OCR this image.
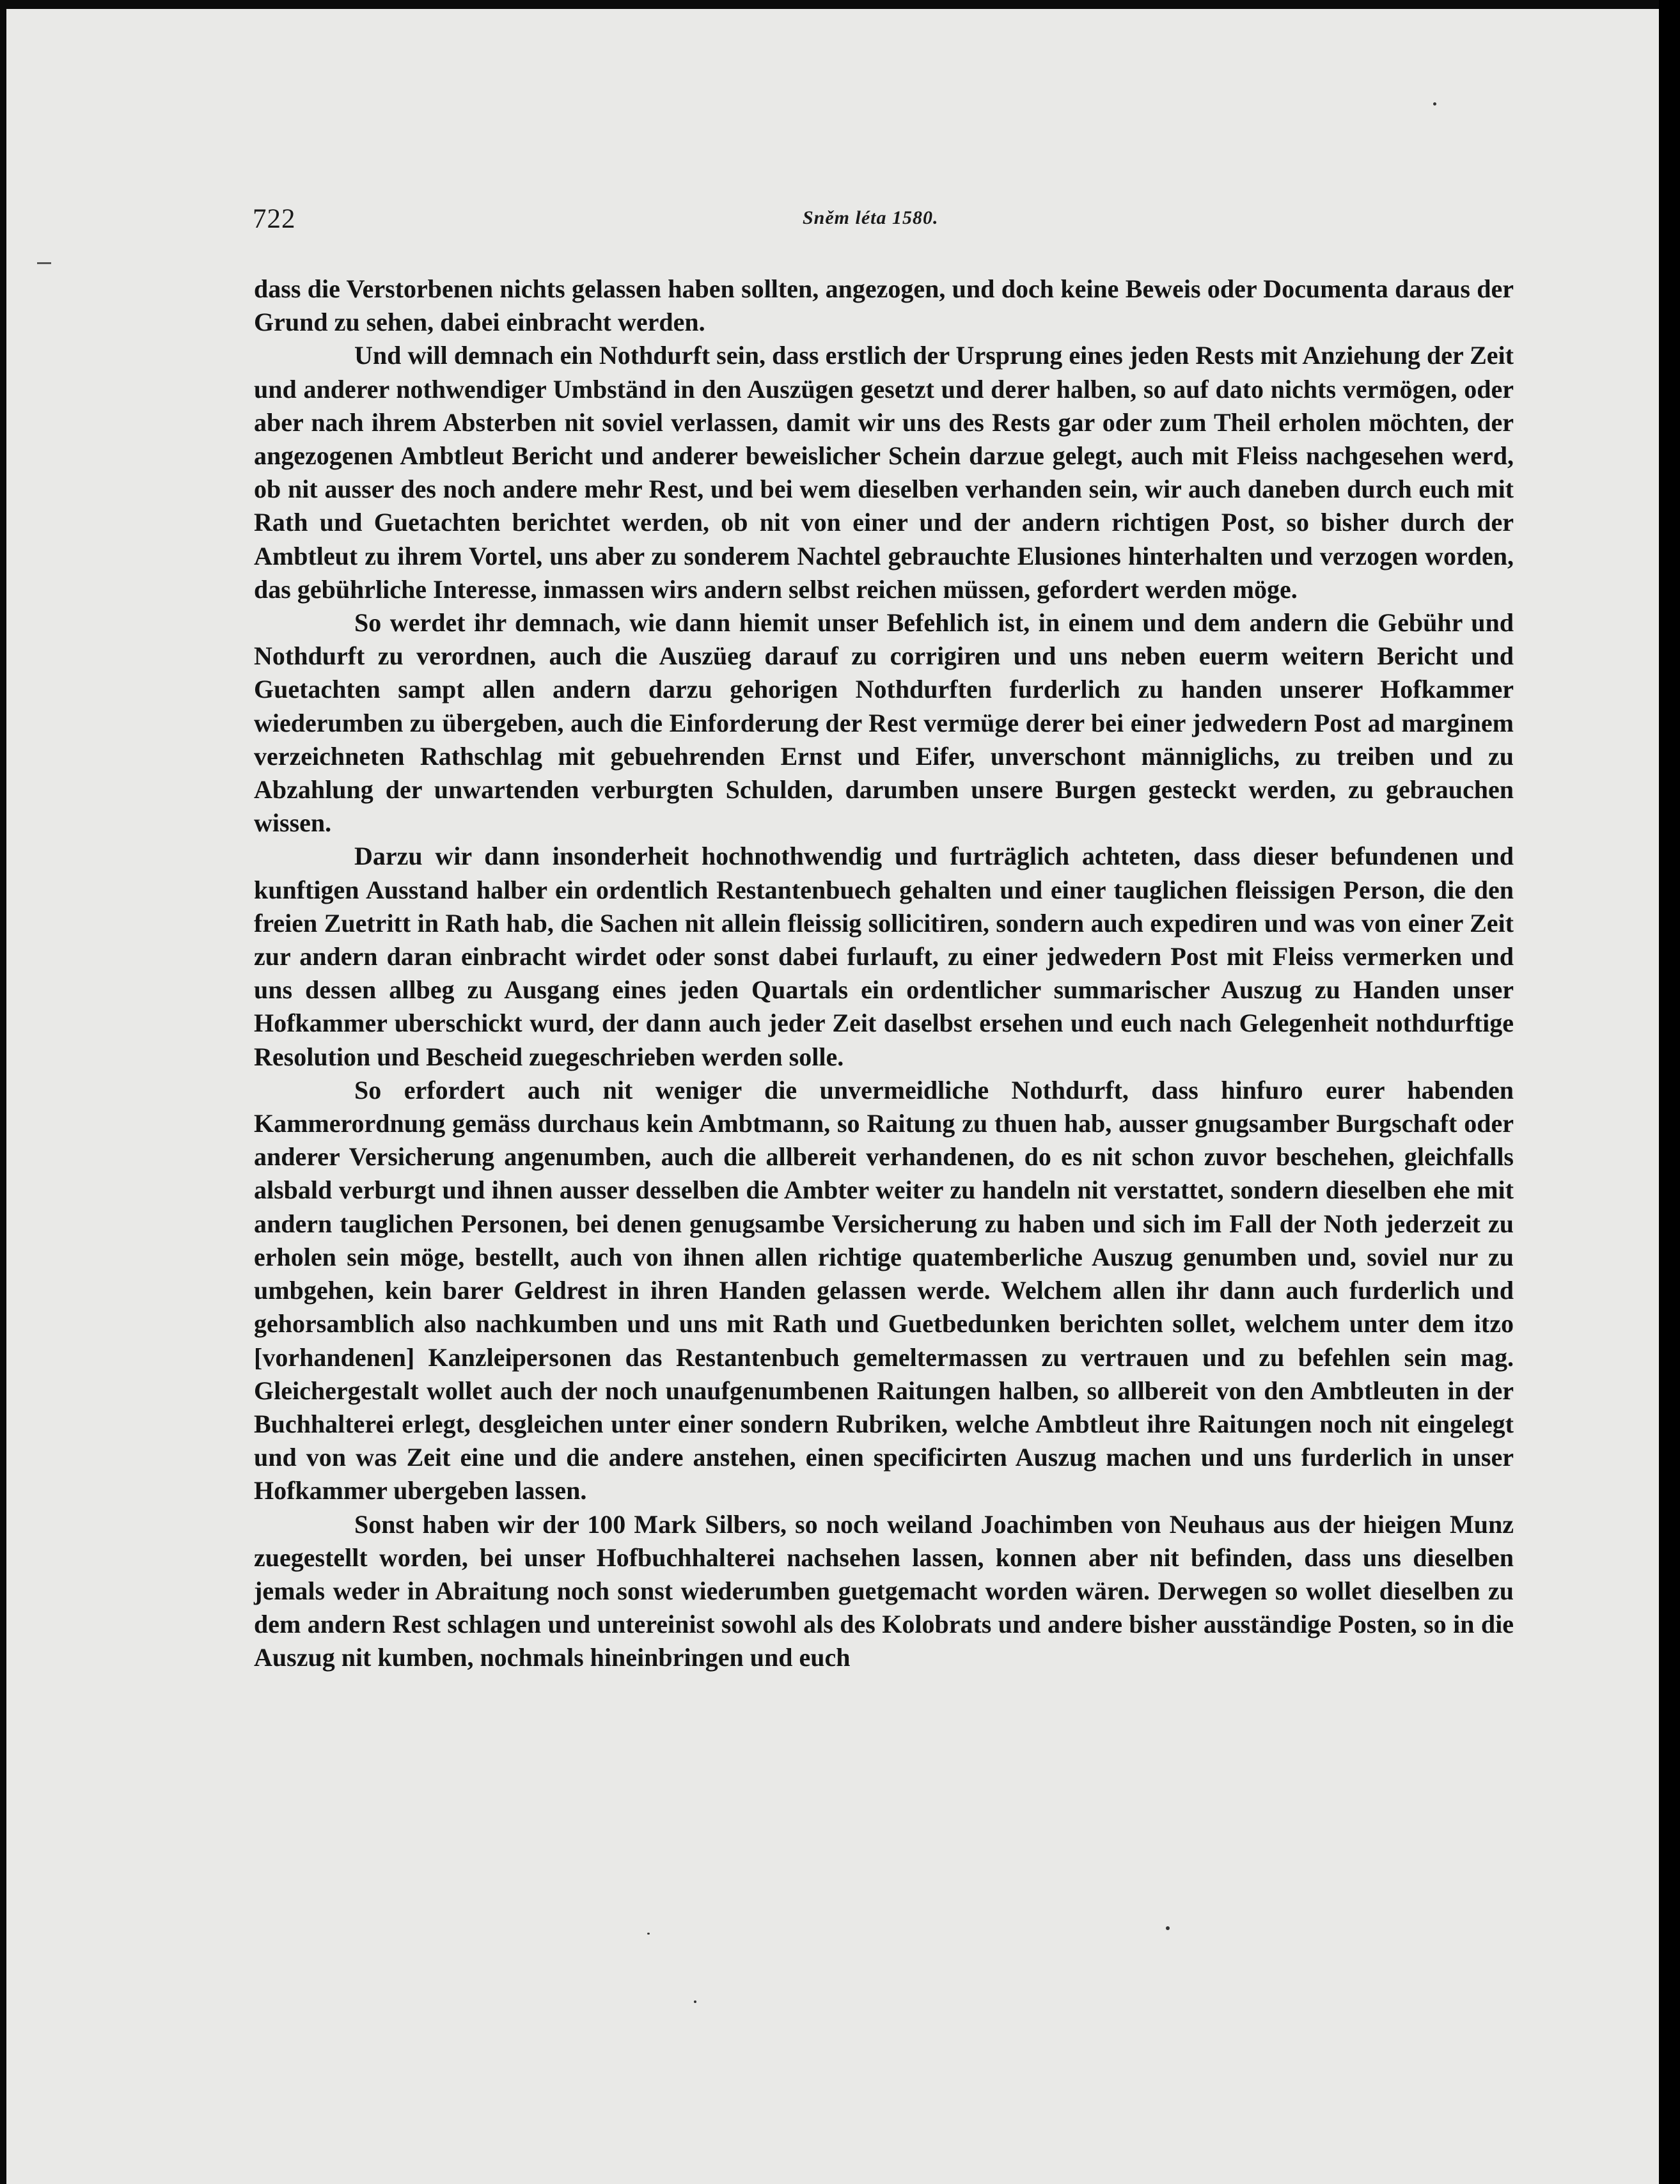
722	Sněm léta 1580.

dass die Verstorbenen nichts gelassen haben sollten, angezogen, und doch keine Beweis oder Documenta daraus der Grund zu sehen, dabei einbracht werden.

Und will demnach ein Nothdurft sein, dass erstlich der Ursprung eines jeden Rests mit Anziehung der Zeit und anderer nothwendiger Umbständ in den Auszügen gesetzt und derer halben, so auf dato nichts vermögen, oder aber nach ihrem Absterben nit soviel verlassen, damit wir uns des Rests gar oder zum Theil erholen möchten, der angezogenen Ambtleut Bericht und anderer beweislicher Schein darzue gelegt, auch mit Fleiss nachgesehen werd, ob nit ausser des noch andere mehr Rest, und bei wem dieselben verhanden sein, wir auch daneben durch euch mit Rath und Guetachten berichtet werden, ob nit von einer und der andern richtigen Post, so bisher durch der Ambtleut zu ihrem Vortel, uns aber zu sonderem Nachtel gebrauchte Elusiones hinterhalten und verzogen worden, das gebührliche Interesse, inmassen wirs andern selbst reichen müssen, gefordert werden möge.

So werdet ihr demnach, wie dann hiemit unser Befehlich ist, in einem und dem andern die Gebühr und Nothdurft zu verordnen, auch die Auszüeg darauf zu corrigiren und uns neben euerm weitern Bericht und Guetachten sampt allen andern darzu gehorigen Nothdurften furderlich zu handen unserer Hofkammer wiederumben zu übergeben, auch die Einforderung der Rest vermüge derer bei einer jedwedern Post ad marginem verzeichneten Rathschlag mit gebuehrenden Ernst und Eifer, unverschont männiglichs, zu treiben und zu Abzahlung der unwartenden verburgten Schulden, darumben unsere Burgen gesteckt werden, zu gebrauchen wissen.

Darzu wir dann insonderheit hochnothwendig und furträglich achteten, dass dieser befundenen und kunftigen Ausstand halber ein ordentlich Restantenbuech gehalten und einer tauglichen fleissigen Person, die den freien Zuetritt in Rath hab, die Sachen nit allein fleissig sollicitiren, sondern auch expediren und was von einer Zeit zur andern daran einbracht wirdet oder sonst dabei furlauft, zu einer jedwedern Post mit Fleiss vermerken und uns dessen allbeg zu Ausgang eines jeden Quartals ein ordentlicher summarischer Auszug zu Handen unser Hofkammer uberschickt wurd, der dann auch jeder Zeit daselbst ersehen und euch nach Gelegenheit nothdurftige Resolution und Bescheid zuegeschrieben werden solle.

So erfordert auch nit weniger die unvermeidliche Nothdurft, dass hinfuro eurer habenden Kammerordnung gemäss durchaus kein Ambtmann, so Raitung zu thuen hab, ausser gnugsamber Burgschaft oder anderer Versicherung angenumben, auch die allbereit verhandenen, do es nit schon zuvor beschehen, gleichfalls alsbald verburgt und ihnen ausser desselben die Ambter weiter zu handeln nit verstattet, sondern dieselben ehe mit andern tauglichen Personen, bei denen genugsambe Versicherung zu haben und sich im Fall der Noth jederzeit zu erholen sein möge, bestellt, auch von ihnen allen richtige quatemberliche Auszug genumben und, soviel nur zu umbgehen, kein barer Geldrest in ihren Handen gelassen werde. Welchem allen ihr dann auch furderlich und gehorsamblich also nachkumben und uns mit Rath und Guetbedunken berichten sollet, welchem unter dem itzo [vorhandenen] Kanzleipersonen das Restantenbuch gemeltermassen zu vertrauen und zu befehlen sein mag. Gleichergestalt wollet auch der noch unaufgenumbenen Raitungen halben, so allbereit von den Ambtleuten in der Buchhalterei erlegt, desgleichen unter einer sondern Rubriken, welche Ambtleut ihre Raitungen noch nit eingelegt und von was Zeit eine und die andere anstehen, einen specificirten Auszug machen und uns furderlich in unser Hofkammer ubergeben lassen.

Sonst haben wir der 100 Mark Silbers, so noch weiland Joachimben von Neuhaus aus der hieigen Munz zuegestellt worden, bei unser Hofbuchhalterei nachsehen lassen, konnen aber nit befinden, dass uns dieselben jemals weder in Abraitung noch sonst wiederumben guetgemacht worden wären. Derwegen so wollet dieselben zu dem andern Rest schlagen und untereinist sowohl als des Kolobrats und andere bisher ausständige Posten, so in die Auszug nit kumben, nochmals hineinbringen und euch
